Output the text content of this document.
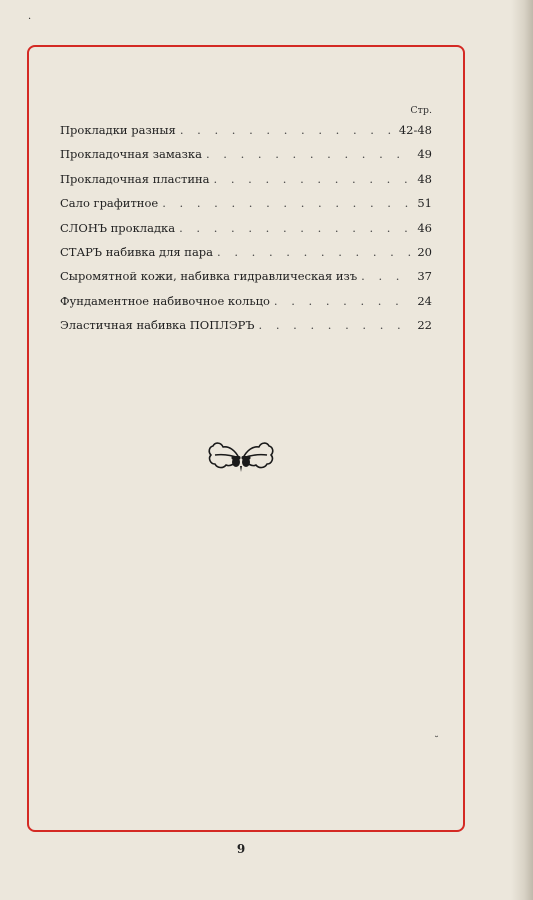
·
Стр.
Прокладки разныя . . .	42-48
Прокладочная замазка . . .	49
Прокладочная пластина . . .	48
Сало графитное . . .	51
СЛОНЪ прокладка . . .	46
СТАРЪ набивка для пара . . .	20
Сыромятной кожи, набивка гидравлическая изъ . . .	37
Фундаментное набивочное кольцо . . .	24
Эластичная набивка ПОПЛЭРЪ . . .	22
˘
9
